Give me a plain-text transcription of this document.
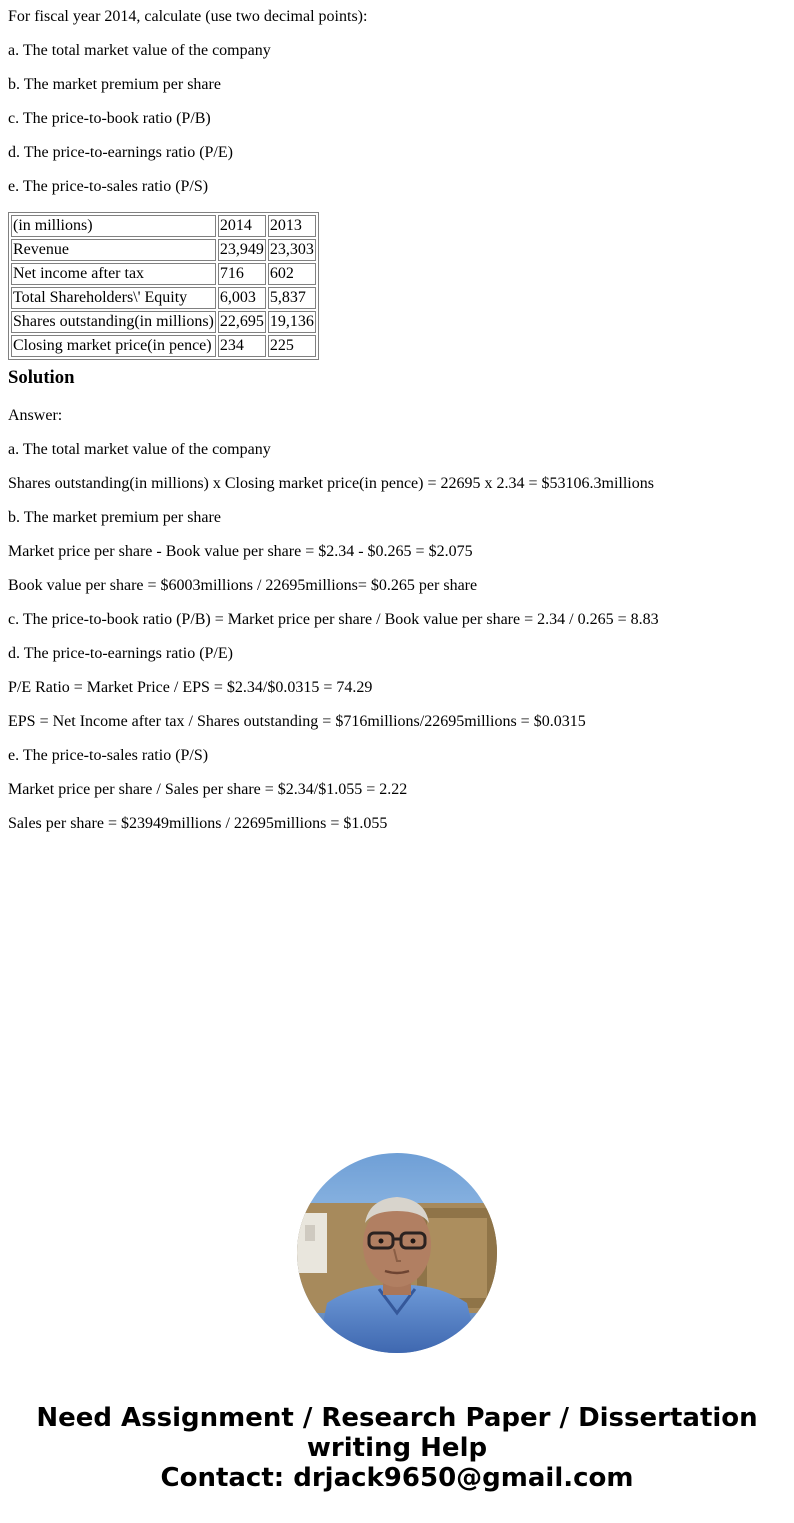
For fiscal year 2014, calculate (use two decimal points):

a. The total market value of the company

b. The market premium per share

c. The price-to-book ratio (P/B)

d. The price-to-earnings ratio (P/E)

e. The price-to-sales ratio (P/S)

(in millions)	2014	2013
Revenue	23,949	23,303
Net income after tax	716	602
Total Shareholders\' Equity	6,003	5,837
Shares outstanding(in millions)	22,695	19,136
Closing market price(in pence)	234	225
Solution

Answer:

a. The total market value of the company

Shares outstanding(in millions) x Closing market price(in pence) = 22695 x 2.34 = $53106.3millions

b. The market premium per share

Market price per share - Book value per share = $2.34 - $0.265 = $2.075

Book value per share = $6003millions / 22695millions= $0.265 per share

c. The price-to-book ratio (P/B) = Market price per share / Book value per share = 2.34 / 0.265 = 8.83

d. The price-to-earnings ratio (P/E)

P/E Ratio = Market Price / EPS = $2.34/$0.0315 = 74.29

EPS = Net Income after tax / Shares outstanding = $716millions/22695millions = $0.0315

e. The price-to-sales ratio (P/S)

Market price per share / Sales per share = $2.34/$1.055 = 2.22

Sales per share = $23949millions / 22695millions = $1.055

Need Assignment / Research Paper / Dissertation
writing Help
Contact: drjack9650@gmail.com
